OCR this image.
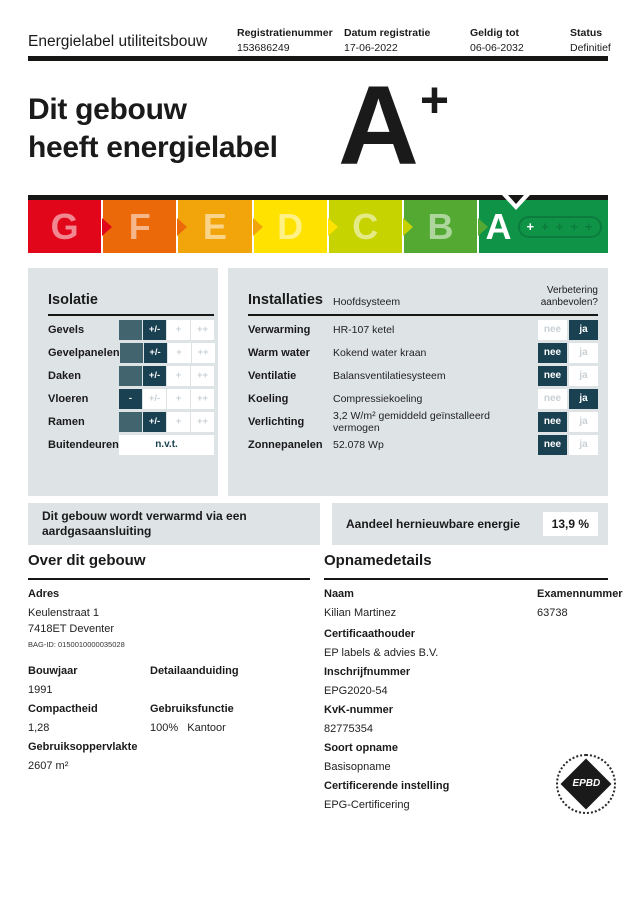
Energielabel utiliteitsbouw	Registratienummer
153686249
Datum registratie
17-06-2022
Geldig tot
06-06-2032
Status
Definitief
Dit gebouw
heeft energielabel A +
G F E D C B A + + + + +
Isolatie
Gevels	+/-	+	++
Gevelpanelen	+/-	+	++
Daken	+/-	+	++
Vloeren	-	+/-	+	++
Ramen	+/-	+	++
Buitendeuren	n.v.t.
Installaties Hoofdsysteem
Verbetering aanbevolen?
Verwarming	HR-107 ketel	nee	ja
Warm water	Kokend water kraan	nee	ja
Ventilatie	Balansventilatiesysteem	nee	ja
Koeling	Compressiekoeling	nee	ja
Verlichting	3,2 W/m² gemiddeld geïnstalleerd vermogen	nee	ja
Zonnepanelen 52.078 Wp	nee	ja
Dit gebouw wordt verwarmd via een aardgasaansluiting	Aandeel hernieuwbare energie	13,9 %
Over dit gebouw
Adres
Keulenstraat 1
7418ET Deventer
BAG-ID: 0150010000035028
Bouwjaar
1991
Detailaanduiding
Compactheid
1,28
Gebruiksfunctie
100%   Kantoor
Gebruiksoppervlakte
2607 m²
Opnamedetails
Naam
Kilian Martinez
Examennummer
63738
Certificaathouder
EP labels & advies B.V.
Inschrijfnummer
EPG2020-54
KvK-nummer
82775354
Soort opname
Basisopname
Certificerende instelling
EPG-Certificering
EPBD
